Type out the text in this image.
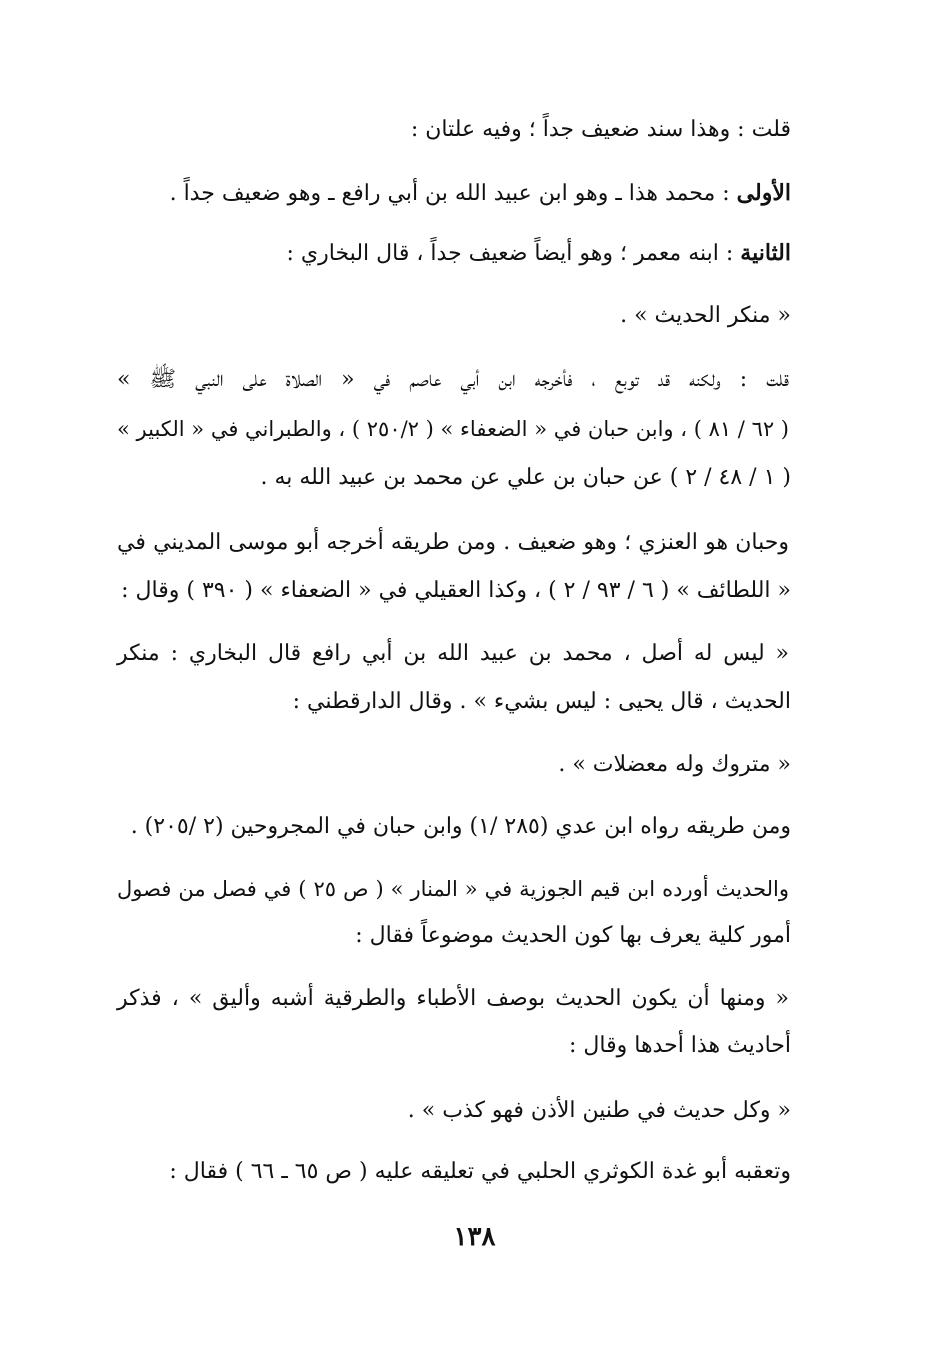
قلت : وهذا سند ضعيف جداً ؛ وفيه علتان :
الأولى : محمد هذا ـ وهو ابن عبيد الله بن أبي رافع ـ وهو ضعيف جداً .
الثانية : ابنه معمر ؛ وهو أيضاً ضعيف جداً ، قال البخاري :
« منكر الحديث » .
قلت : ولكنه قد توبع ، فأخرجه ابن أبي عاصم في « الصلاة على النبي ﷺ »
( ٦٢ / ٨١ ) ، وابن حبان في « الضعفاء » ( ٢٥٠/٢ ) ، والطبراني في « الكبير »
( ١ / ٤٨ / ٢ ) عن حبان بن علي عن محمد بن عبيد الله به .
وحبان هو العنزي ؛ وهو ضعيف . ومن طريقه أخرجه أبو موسى المديني في
« اللطائف » ( ٦ / ٩٣ / ٢ ) ، وكذا العقيلي في « الضعفاء » ( ٣٩٠ ) وقال :
« ليس له أصل ، محمد بن عبيد الله بن أبي رافع قال البخاري : منكر
الحديث ، قال يحيى : ليس بشيء » . وقال الدارقطني :
« متروك وله معضلات » .
ومن طريقه رواه ابن عدي (٢٨٥ /١) وابن حبان في المجروحين (٢ /٢٠٥) .
والحديث أورده ابن قيم الجوزية في « المنار » ( ص ٢٥ ) في فصل من فصول
أمور كلية يعرف بها كون الحديث موضوعاً فقال :
« ومنها أن يكون الحديث بوصف الأطباء والطرقية أشبه وأليق » ، فذكر
أحاديث هذا أحدها وقال :
« وكل حديث في طنين الأذن فهو كذب » .
وتعقبه أبو غدة الكوثري الحلبي في تعليقه عليه ( ص ٦٥ ـ ٦٦ ) فقال :
١٣٨
